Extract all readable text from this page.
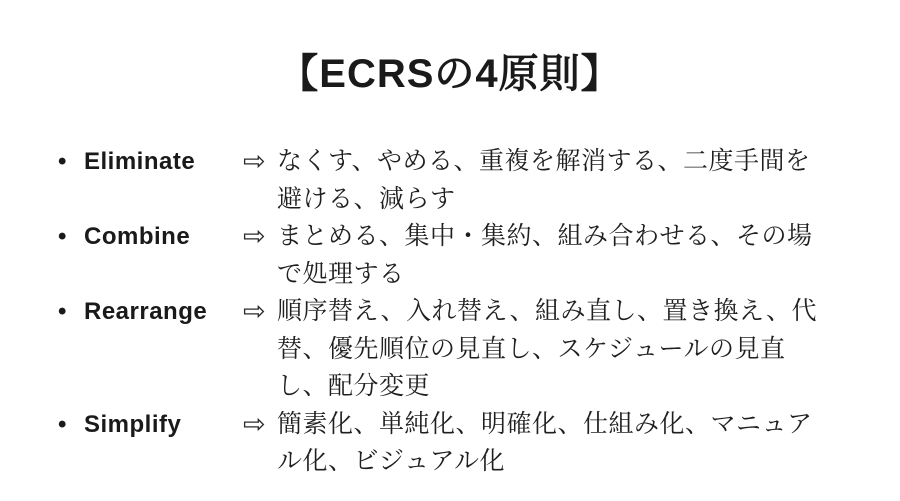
【ECRSの4原則】
• Eliminate	⇨ なくす、やめる、重複を解消する、二度手間を
避ける、減らす
• Combine	⇨ まとめる、集中・集約、組み合わせる、その場
で処理する
• Rearrange	⇨ 順序替え、入れ替え、組み直し、置き換え、代
替、優先順位の見直し、スケジュールの見直
し、配分変更
• Simplify	⇨ 簡素化、単純化、明確化、仕組み化、マニュア
ル化、ビジュアル化
